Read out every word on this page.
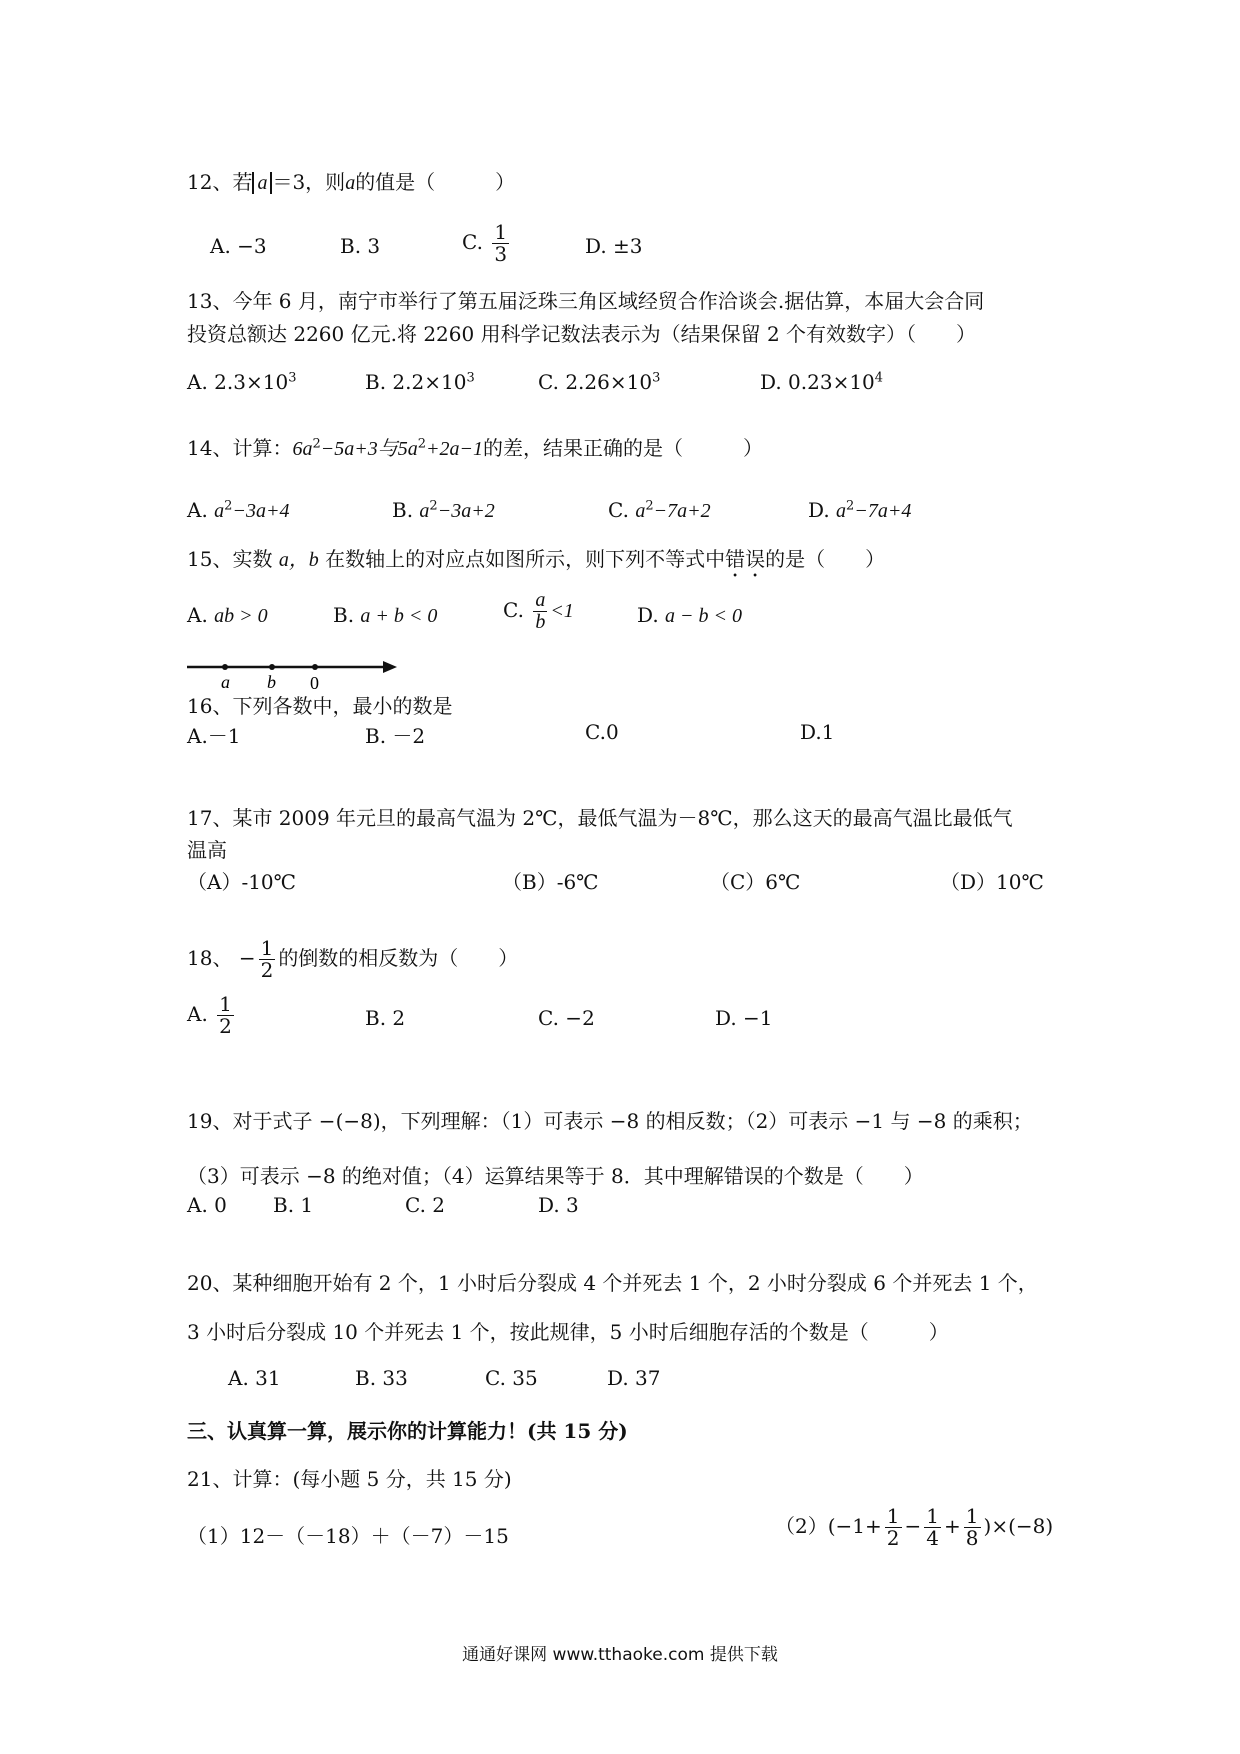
12、若 a ＝3，则a的值是（　　　）
A. −3	B. 3	C. $\frac{1}{3}$	D. ±3
13、今年 6 月，南宁市举行了第五届泛珠三角区域经贸合作洽谈会.据估算，本届大会合同
投资总额达 2260 亿元.将 2260 用科学记数法表示为（结果保留 2 个有效数字）（　　）
A. $2.3\times 10^3$	B. $2.2\times 10^3$	C. $2.26\times 10^3$	D. $0.23\times 10^4$
14、计算：$6a^2-5a+3$与$5a^2+2a-1$的差，结果正确的是（　　　）
A. $a^2-3a+4$	B. $a^2-3a+2$	C. $a^2-7a+2$	D. $a^2-7a+4$
15、实数 a，b 在数轴上的对应点如图所示，则下列不等式中错误的是（　　）
A. ab > 0	B. a + b < 0	C. $\frac{a}{b} <1$	D. a − b < 0
a b 0
16、下列各数中，最小的数是
A.－1	B. －2	C.0	D.1
17、某市 2009 年元旦的最高气温为 2℃，最低气温为－8℃，那么这天的最高气温比最低气
温高
（A）-10℃	（B）-6℃	（C）6℃	（D）10℃
18、 − $\frac{1}{2}$ 的倒数的相反数为（　　）
A. $\frac{1}{2}$	B. 2	C. −2	D. −1
19、对于式子 −(−8)，下列理解：（1）可表示 −8 的相反数；（2）可表示 −1 与 −8 的乘积；
（3）可表示 −8 的绝对值；（4）运算结果等于 8．其中理解错误的个数是（　　）
A. 0 B. 1	C. 2	D. 3
20、某种细胞开始有 2 个，1 小时后分裂成 4 个并死去 1 个，2 小时分裂成 6 个并死去 1 个，
3 小时后分裂成 10 个并死去 1 个，按此规律，5 小时后细胞存活的个数是（　　　）
A. 31	B. 33	C. 35	D. 37
三、认真算一算，展示你的计算能力！(共 15 分)
21、计算：(每小题 5 分，共 15 分)
（1）12－（－18）＋（－7）－15	$(2)(-1+ \frac{1}{2} - \frac{1}{4} + \frac{1}{8} )\times(-8)$
通通好课网 www.tthaoke.com 提供下载
